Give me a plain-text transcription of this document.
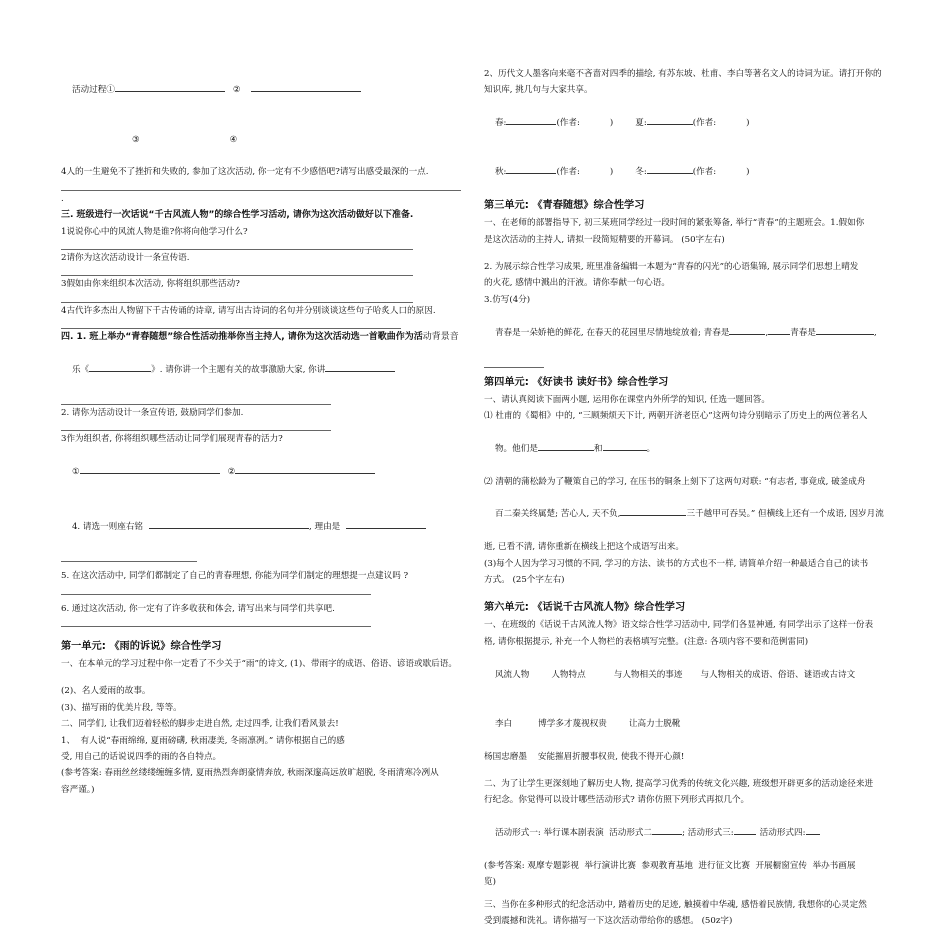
活动过程①	②

③	④

4人的一生避免不了挫折和失败的, 参加了这次活动, 你一定有不少感悟吧?请写出感受最深的一点.
.
三. 班级进行一次话说“千古风流人物”的综合性学习活动, 请你为这次活动做好以下准备.
1说说你心中的风流人物是谁?你将向他学习什么?
2请你为这次活动设计一条宣传语.
3假如由你来组织本次活动, 你将组织那些活动?
4古代许多杰出人物留下千古传诵的诗章, 请写出古诗词的名句并分别谈谈这些句子哈炙人口的原因.
四. 1. 班上举办“青春随想”综合性活动推举你当主持人, 请你为这次活动选一首歌曲作为活动背景音

乐《	》. 请你讲一个主题有关的故事激励大家, 你讲

2. 请你为活动设计一条宣传语, 鼓励同学们参加.
3作为组织者, 你将组织哪些活动让同学们展现青春的活力?

①	②

4. 请选一则座右铭	, 理由是

5. 在这次活动中, 同学们都制定了自己的青春理想, 你能为同学们制定的理想提一点建议吗 ?
6. 通过这次活动, 你一定有了许多收获和体会, 请写出来与同学们共享吧.
第一单元: 《雨的诉说》综合性学习
一、在本单元的学习过程中你一定看了不少关于“雨”的诗文, (1)、带雨字的成语、俗语、谚语或歇后语。
(2)、名人爱雨的故事。
(3)、描写雨的优美片段, 等等。
二、同学们, 让我们迈着轻松的脚步走进自然, 走过四季, 让我们看风景去!
1、  有人说“春雨绵绵, 夏雨磅礴, 秋雨凄美, 冬雨凛冽。” 请你根据自己的感
受, 用自己的话说说四季的雨的各自特点。
(参考答案: 春雨丝丝缕缕缠缠多情, 夏雨热烈奔朗豪情奔放, 秋雨深邃高远放旷超脱, 冬雨清寒冷冽从
容严谨。)
2、历代文人墨客向来毫不吝啬对四季的描绘, 有苏东坡、杜甫、李白等著名文人的诗词为证。请打开你的
知识库, 挑几句与大家共享。

春:	(作者:	)	夏:	(作者:	)

秋:	(作者:	)	冬:	(作者:	)

第三单元: 《青春随想》综合性学习
一、在老师的部署指导下, 初三某班同学经过一段时间的紧张筹备, 举行“青春”的主题班会。1.假如你
是这次活动的主持人, 请拟一段简短精要的开幕词。 (50字左右)
2. 为展示综合性学习成果, 班里准备编辑一本题为“青春的闪光”的心语集锦, 展示同学们思想上晴发
的火花, 感情中溅出的汗液。请你奉献一句心语。
3.仿写(4分)

青春是一朵娇艳的鲜花, 在春天的花园里尽情地绽放着; 青春是	,	青春是	,

第四单元: 《好读书 读好书》综合性学习
一、请认真阅读下面两小题, 运用你在课堂内外所学的知识, 任选一题回答。
⑴ 杜甫的《蜀相》中的, “三顾频烦天下计, 两朝开济老臣心”这两句诗分别暗示了历史上的两位著名人

物。他们是	和	。

⑵ 清朝的蒲松龄为了鞭策自己的学习, 在压书的铜条上刻下了这两句对联: “有志者, 事竟成, 破釜成舟

百二秦关终属楚; 苦心人, 天不负,	三千越甲可吞吴。” 但横线上还有一个成语, 因岁月流

逝, 已看不清, 请你重新在横线上把这个成语写出来。
(3)每个人因为学习习惯的不同, 学习的方法、读书的方式也不一样, 请简单介绍一种最适合自己的读书
方式。 (25个字左右)
第六单元: 《话说千古风流人物》综合性学习
一、在班级的《话说千古风流人物》语文综合性学习活动中, 同学们各显神通, 有同学出示了这样一份表
格, 请你根据提示, 补充一个人物栏的表格填写完整。(注意: 各项内容不要和范例雷同)

风流人物	人物特点	与人物相关的事迹 与人物相关的成语、俗语、谜语或古诗文

李白	博学多才蔑视权贵	让高力士脱靴

杨国忠磨墨    安能摧眉折腰事权贵, 使我不得开心颜!
二、为了让学生更深刻地了解历史人物, 提高学习优秀的传统文化兴趣, 班级想开辟更多的活动途径来进
行纪念。你觉得可以设计哪些活动形式? 请你仿照下列形式再拟几个。

活动形式一: 举行课本剧表演  活动形式二	; 活动形式三:	活动形式四:

(参考答案: 观摩专题影视  举行演讲比赛  参观教育基地  进行征文比赛  开展橱窗宣传  举办书画展
览)
三、当你在多种形式的纪念活动中, 踏着历史的足迹, 触摸着中华魂, 感悟着民族情, 我想你的心灵定然
受到震撼和洗礼。请你描写一下这次活动带给你的感想。 (50z字)
